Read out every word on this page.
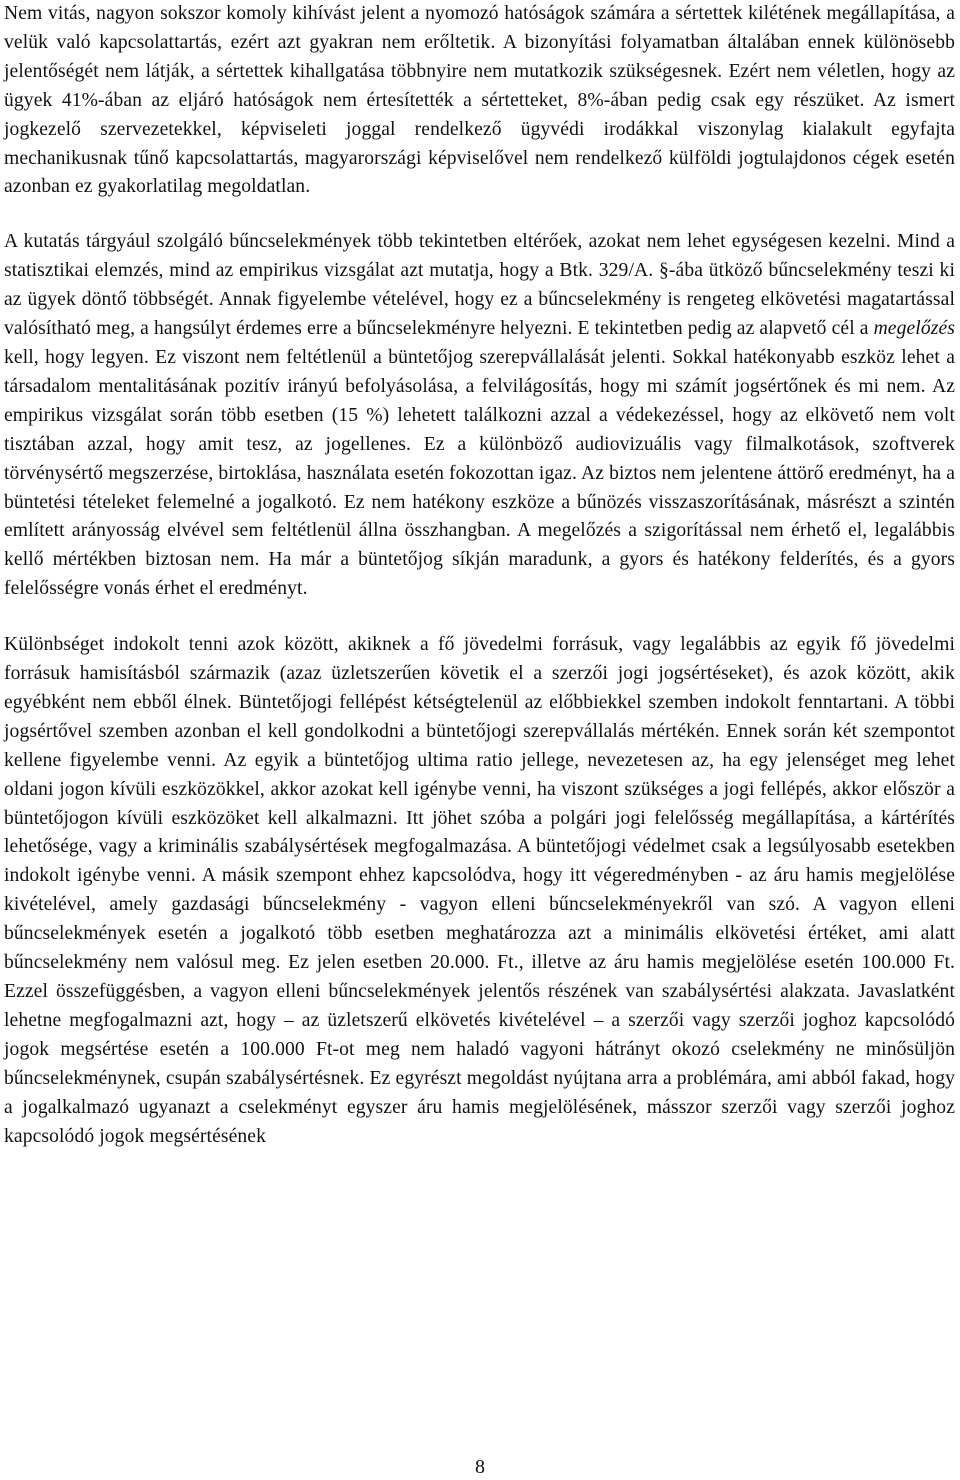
Nem vitás, nagyon sokszor komoly kihívást jelent a nyomozó hatóságok számára a sértettek kilétének megállapítása, a velük való kapcsolattartás, ezért azt gyakran nem erőltetik. A bizonyítási folyamatban általában ennek különösebb jelentőségét nem látják, a sértettek kihallgatása többnyire nem mutatkozik szükségesnek. Ezért nem véletlen, hogy az ügyek 41%-ában az eljáró hatóságok nem értesítették a sértetteket, 8%-ában pedig csak egy részüket. Az ismert jogkezelő szervezetekkel, képviseleti joggal rendelkező ügyvédi irodákkal viszonylag kialakult egyfajta mechanikusnak tűnő kapcsolattartás, magyarországi képviselővel nem rendelkező külföldi jogtulajdonos cégek esetén azonban ez gyakorlatilag megoldatlan.

A kutatás tárgyául szolgáló bűncselekmények több tekintetben eltérőek, azokat nem lehet egységesen kezelni. Mind a statisztikai elemzés, mind az empirikus vizsgálat azt mutatja, hogy a Btk. 329/A. §-ába ütköző bűncselekmény teszi ki az ügyek döntő többségét. Annak figyelembe vételével, hogy ez a bűncselekmény is rengeteg elkövetési magatartással valósítható meg, a hangsúlyt érdemes erre a bűncselekményre helyezni. E tekintetben pedig az alapvető cél a megelőzés kell, hogy legyen. Ez viszont nem feltétlenül a büntetőjog szerepvállalását jelenti. Sokkal hatékonyabb eszköz lehet a társadalom mentalitásának pozitív irányú befolyásolása, a felvilágosítás, hogy mi számít jogsértőnek és mi nem. Az empirikus vizsgálat során több esetben (15 %) lehetett találkozni azzal a védekezéssel, hogy az elkövető nem volt tisztában azzal, hogy amit tesz, az jogellenes. Ez a különböző audiovizuális vagy filmalkotások, szoftverek törvénysértő megszerzése, birtoklása, használata esetén fokozottan igaz. Az biztos nem jelentene áttörő eredményt, ha a büntetési tételeket felemelné a jogalkotó. Ez nem hatékony eszköze a bűnözés visszaszorításának, másrészt a szintén említett arányosság elvével sem feltétlenül állna összhangban. A megelőzés a szigorítással nem érhető el, legalábbis kellő mértékben biztosan nem. Ha már a büntetőjog síkján maradunk, a gyors és hatékony felderítés, és a gyors felelősségre vonás érhet el eredményt.

Különbséget indokolt tenni azok között, akiknek a fő jövedelmi forrásuk, vagy legalábbis az egyik fő jövedelmi forrásuk hamisításból származik (azaz üzletszerűen követik el a szerzői jogi jogsértéseket), és azok között, akik egyébként nem ebből élnek. Büntetőjogi fellépést kétségtelenül az előbbiekkel szemben indokolt fenntartani. A többi jogsértővel szemben azonban el kell gondolkodni a büntetőjogi szerepvállalás mértékén. Ennek során két szempontot kellene figyelembe venni. Az egyik a büntetőjog ultima ratio jellege, nevezetesen az, ha egy jelenséget meg lehet oldani jogon kívüli eszközökkel, akkor azokat kell igénybe venni, ha viszont szükséges a jogi fellépés, akkor először a büntetőjogon kívüli eszközöket kell alkalmazni. Itt jöhet szóba a polgári jogi felelősség megállapítása, a kártérítés lehetősége, vagy a kriminális szabálysértések megfogalmazása. A büntetőjogi védelmet csak a legsúlyosabb esetekben indokolt igénybe venni. A másik szempont ehhez kapcsolódva, hogy itt végeredményben - az áru hamis megjelölése kivételével, amely gazdasági bűncselekmény - vagyon elleni bűncselekményekről van szó. A vagyon elleni bűncselekmények esetén a jogalkotó több esetben meghatározza azt a minimális elkövetési értéket, ami alatt bűncselekmény nem valósul meg. Ez jelen esetben 20.000. Ft., illetve az áru hamis megjelölése esetén 100.000 Ft. Ezzel összefüggésben, a vagyon elleni bűncselekmények jelentős részének van szabálysértési alakzata. Javaslatként lehetne megfogalmazni azt, hogy – az üzletszerű elkövetés kivételével – a szerzői vagy szerzői joghoz kapcsolódó jogok megsértése esetén a 100.000 Ft-ot meg nem haladó vagyoni hátrányt okozó cselekmény ne minősüljön bűncselekménynek, csupán szabálysértésnek. Ez egyrészt megoldást nyújtana arra a problémára, ami abból fakad, hogy a jogalkalmazó ugyanazt a cselekményt egyszer áru hamis megjelölésének, másszor szerzői vagy szerzői joghoz kapcsolódó jogok megsértésének

8
